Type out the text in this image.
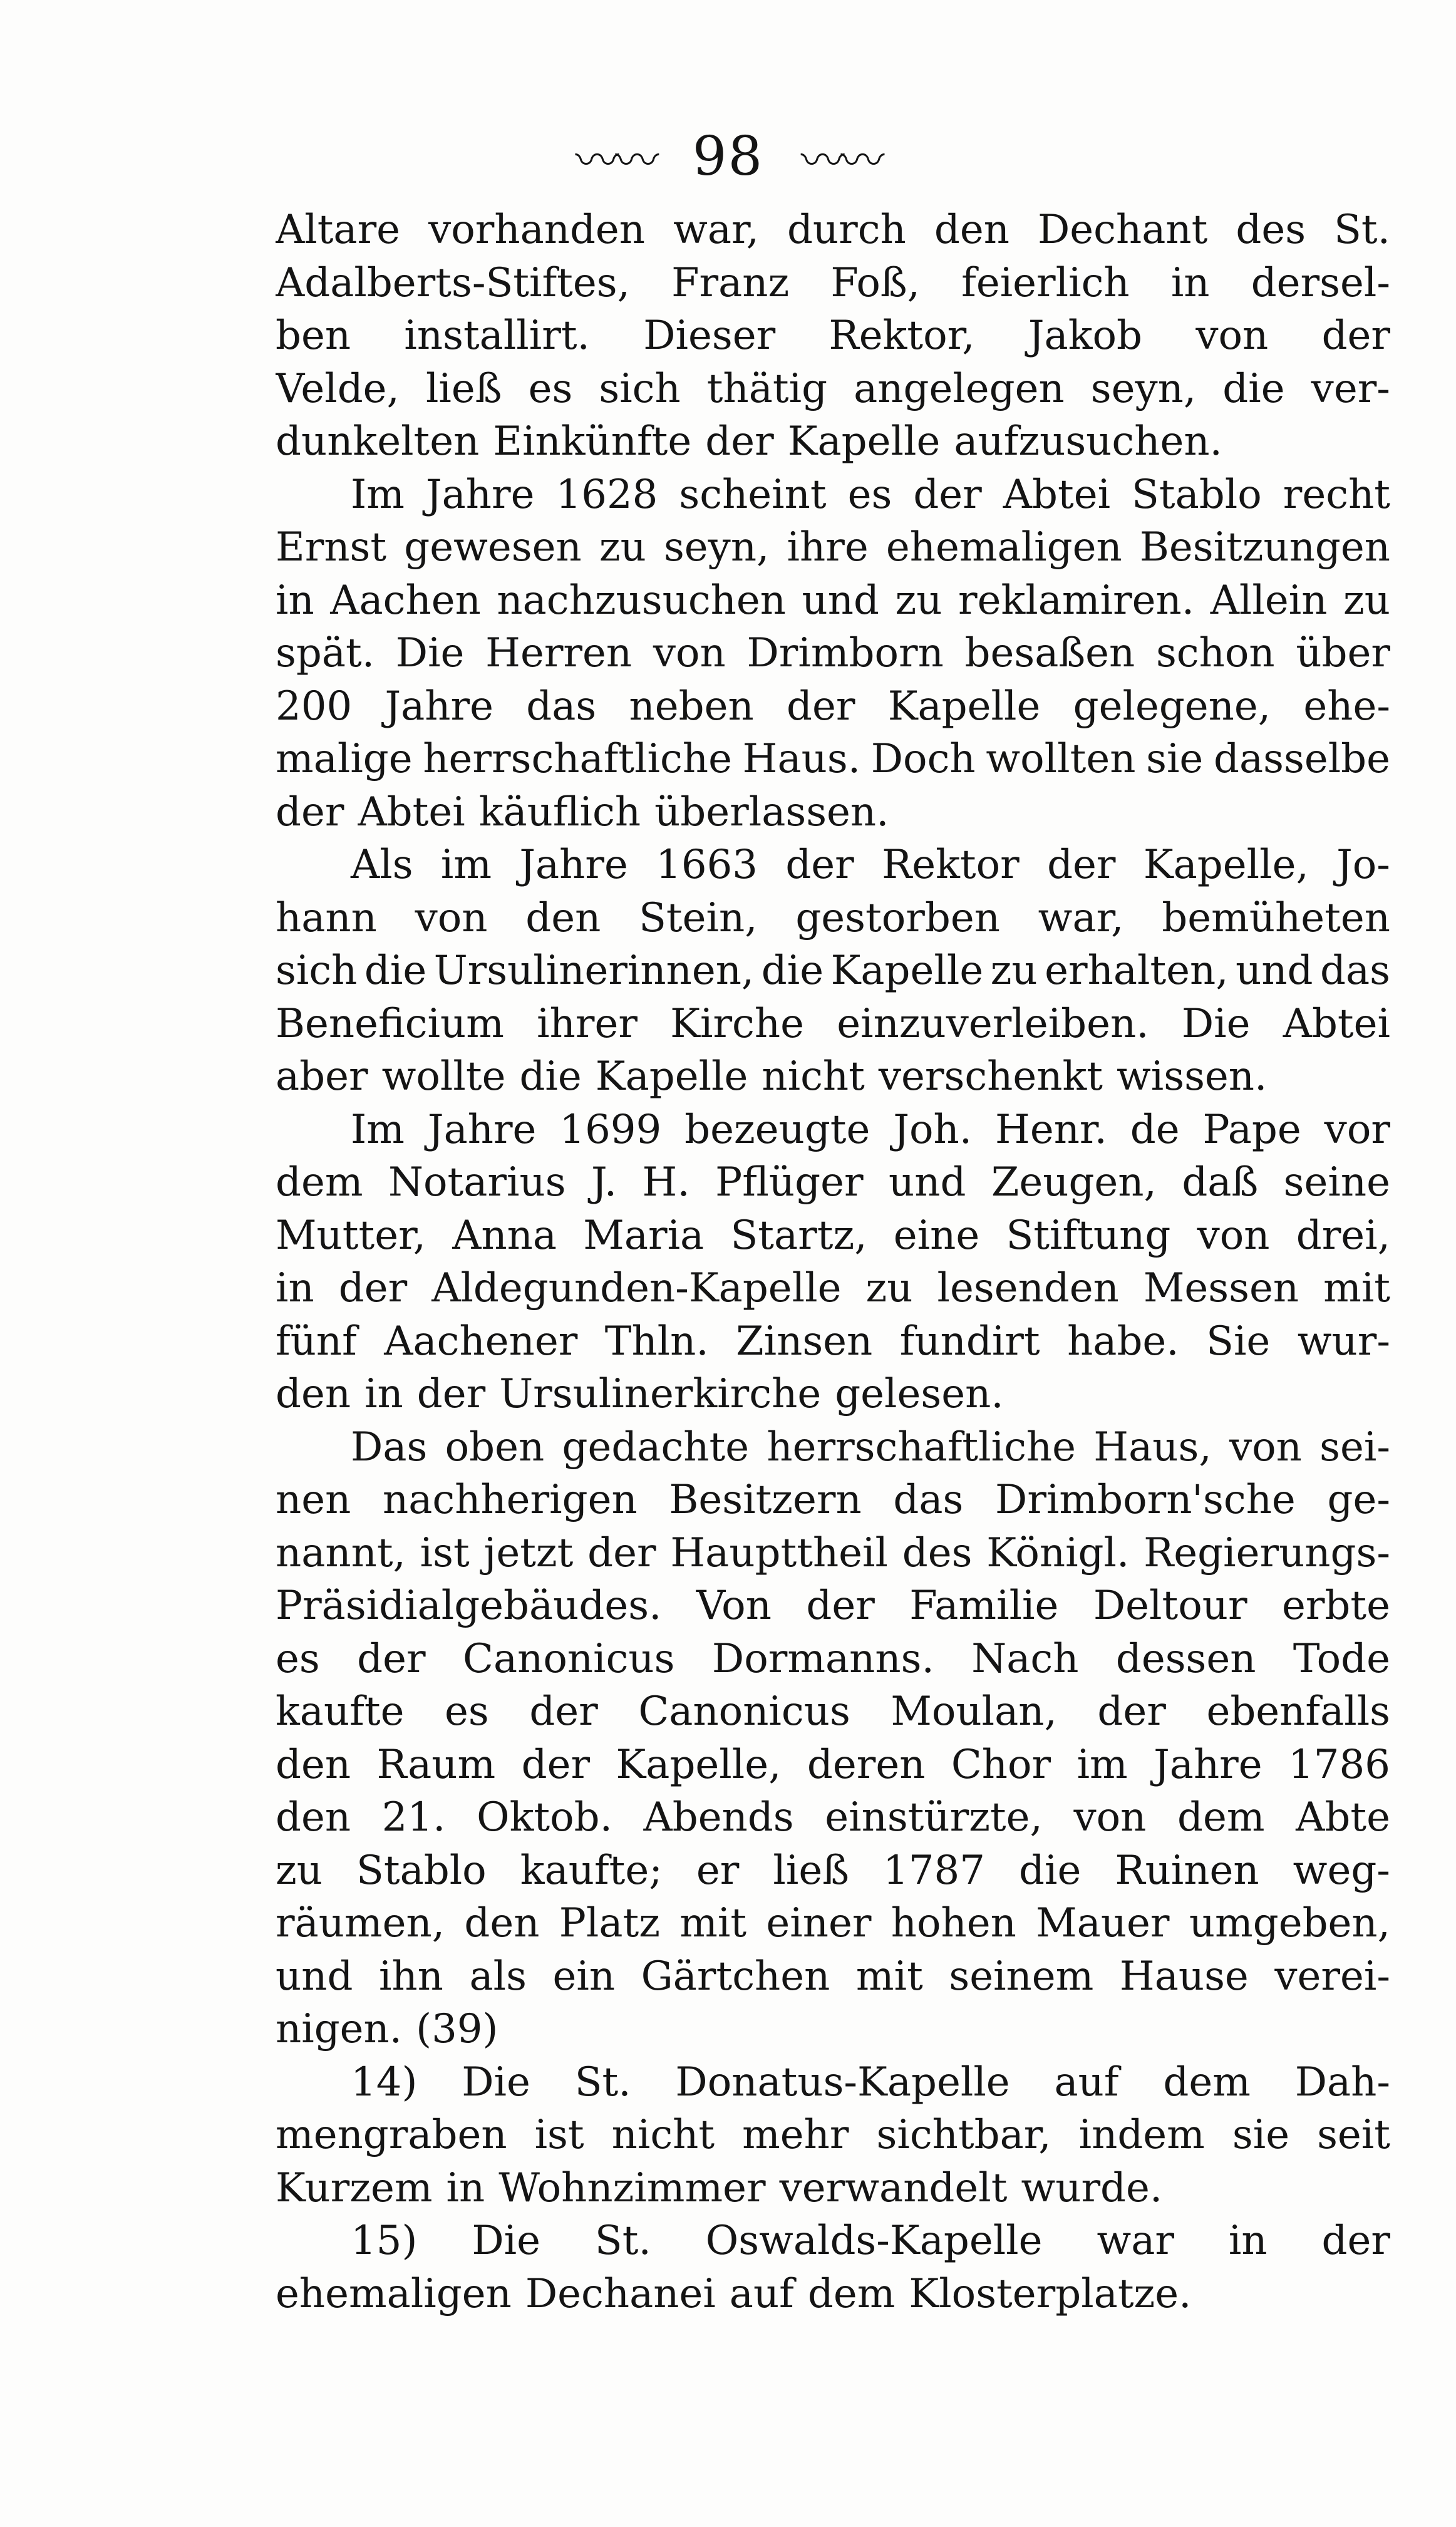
〰〰 98 〰〰
Altare vorhanden war, durch den Dechant des St.
Adalberts-Stiftes, Franz Foß, feierlich in dersel-
ben installirt. Dieser Rektor, Jakob von der
Velde, ließ es sich thätig angelegen seyn, die ver-
dunkelten Einkünfte der Kapelle aufzusuchen.
Im Jahre 1628 scheint es der Abtei Stablo recht
Ernst gewesen zu seyn, ihre ehemaligen Besitzungen
in Aachen nachzusuchen und zu reklamiren. Allein zu
spät. Die Herren von Drimborn besaßen schon über
200 Jahre das neben der Kapelle gelegene, ehe-
malige herrschaftliche Haus. Doch wollten sie dasselbe
der Abtei käuflich überlassen.
Als im Jahre 1663 der Rektor der Kapelle, Jo-
hann von den Stein, gestorben war, bemüheten
sich die Ursulinerinnen, die Kapelle zu erhalten, und das
Beneficium ihrer Kirche einzuverleiben. Die Abtei
aber wollte die Kapelle nicht verschenkt wissen.
Im Jahre 1699 bezeugte Joh. Henr. de Pape vor
dem Notarius J. H. Pflüger und Zeugen, daß seine
Mutter, Anna Maria Startz, eine Stiftung von drei,
in der Aldegunden-Kapelle zu lesenden Messen mit
fünf Aachener Thln. Zinsen fundirt habe. Sie wur-
den in der Ursulinerkirche gelesen.
Das oben gedachte herrschaftliche Haus, von sei-
nen nachherigen Besitzern das Drimborn'sche ge-
nannt, ist jetzt der Haupttheil des Königl. Regierungs-
Präsidialgebäudes. Von der Familie Deltour erbte
es der Canonicus Dormanns. Nach dessen Tode
kaufte es der Canonicus Moulan, der ebenfalls
den Raum der Kapelle, deren Chor im Jahre 1786
den 21. Oktob. Abends einstürzte, von dem Abte
zu Stablo kaufte; er ließ 1787 die Ruinen weg-
räumen, den Platz mit einer hohen Mauer umgeben,
und ihn als ein Gärtchen mit seinem Hause verei-
nigen. (39)
14) Die St. Donatus-Kapelle auf dem Dah-
mengraben ist nicht mehr sichtbar, indem sie seit
Kurzem in Wohnzimmer verwandelt wurde.
15) Die St. Oswalds-Kapelle war in der
ehemaligen Dechanei auf dem Klosterplatze.
